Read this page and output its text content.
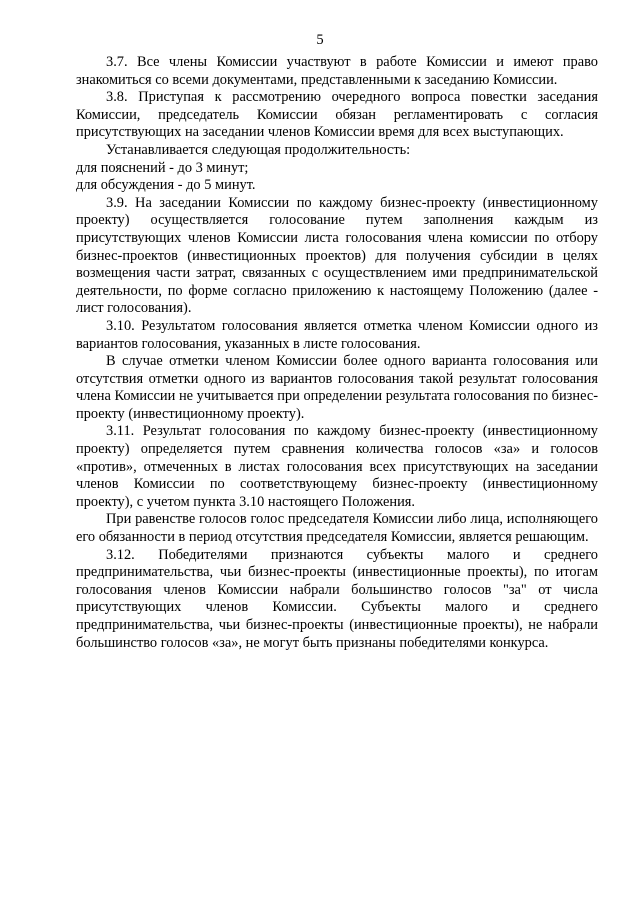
5

3.7. Все члены Комиссии участвуют в работе Комиссии и имеют право знакомиться со всеми документами, представленными к заседанию Комиссии.

3.8. Приступая к рассмотрению очередного вопроса повестки заседания Комиссии, председатель Комиссии обязан регламентировать с согласия присутствующих на заседании членов Комиссии время для всех выступающих.

Устанавливается следующая продолжительность:

для пояснений - до 3 минут;

для обсуждения - до 5 минут.

3.9. На заседании Комиссии по каждому бизнес-проекту (инвестиционному проекту) осуществляется голосование путем заполнения каждым из присутствующих членов Комиссии листа голосования члена комиссии по отбору бизнес-проектов (инвестиционных проектов) для получения субсидии в целях возмещения части затрат, связанных с осуществлением ими предпринимательской деятельности, по форме согласно приложению к настоящему Положению (далее - лист голосования).

3.10. Результатом голосования является отметка членом Комиссии одного из вариантов голосования, указанных в листе голосования.

В случае отметки членом Комиссии более одного варианта голосования или отсутствия отметки одного из вариантов голосования такой результат голосования члена Комиссии не учитывается при определении результата голосования по бизнес-проекту (инвестиционному проекту).

3.11. Результат голосования по каждому бизнес-проекту (инвестиционному проекту) определяется путем сравнения количества голосов «за» и голосов «против», отмеченных в листах голосования всех присутствующих на заседании членов Комиссии по соответствующему бизнес-проекту (инвестиционному проекту), с учетом пункта 3.10 настоящего Положения.

При равенстве голосов голос председателя Комиссии либо лица, исполняющего его обязанности в период отсутствия председателя Комиссии, является решающим.

3.12. Победителями признаются субъекты малого и среднего предпринимательства, чьи бизнес-проекты (инвестиционные проекты), по итогам голосования членов Комиссии набрали большинство голосов "за" от числа присутствующих членов Комиссии. Субъекты малого и среднего предпринимательства, чьи бизнес-проекты (инвестиционные проекты), не набрали большинство голосов «за», не могут быть признаны победителями конкурса.
